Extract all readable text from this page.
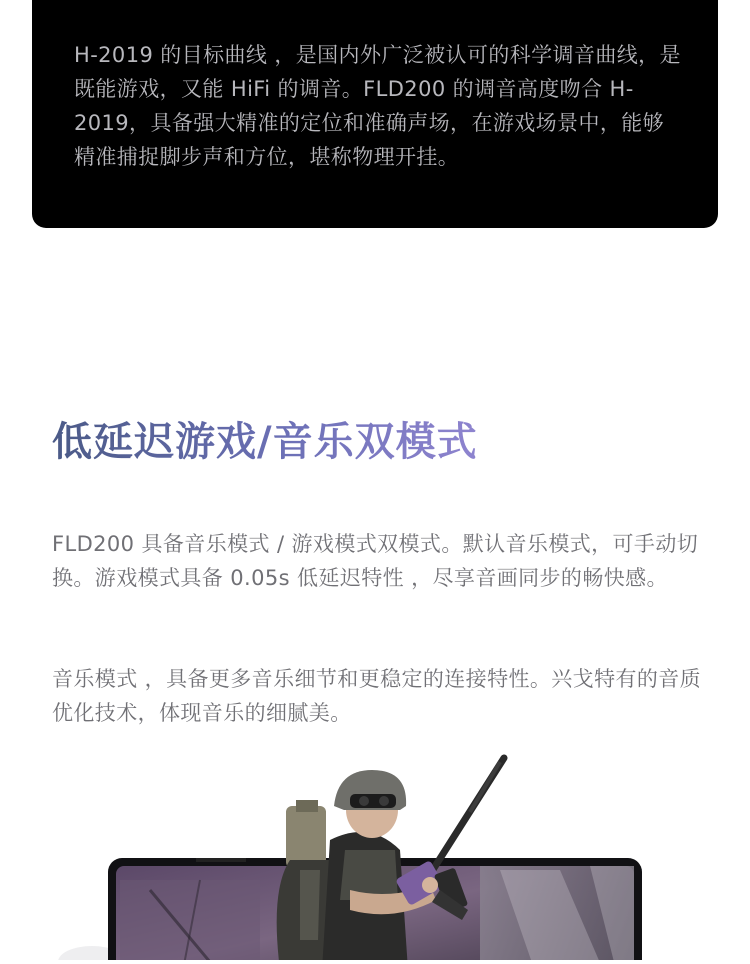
H-2019 的目标曲线 ，是国内外广泛被认可的科学调音曲线，是既能游戏，又能 HiFi 的调音。FLD200 的调音高度吻合 H-2019，具备强大精准的定位和准确声场，在游戏场景中，能够精准捕捉脚步声和方位，堪称物理开挂。

低延迟游戏/音乐双模式

FLD200 具备音乐模式 / 游戏模式双模式。默认音乐模式，可手动切换。游戏模式具备 0.05s 低延迟特性 ，尽享音画同步的畅快感。

音乐模式 ，具备更多音乐细节和更稳定的连接特性。兴戈特有的音质优化技术，体现音乐的细腻美。
